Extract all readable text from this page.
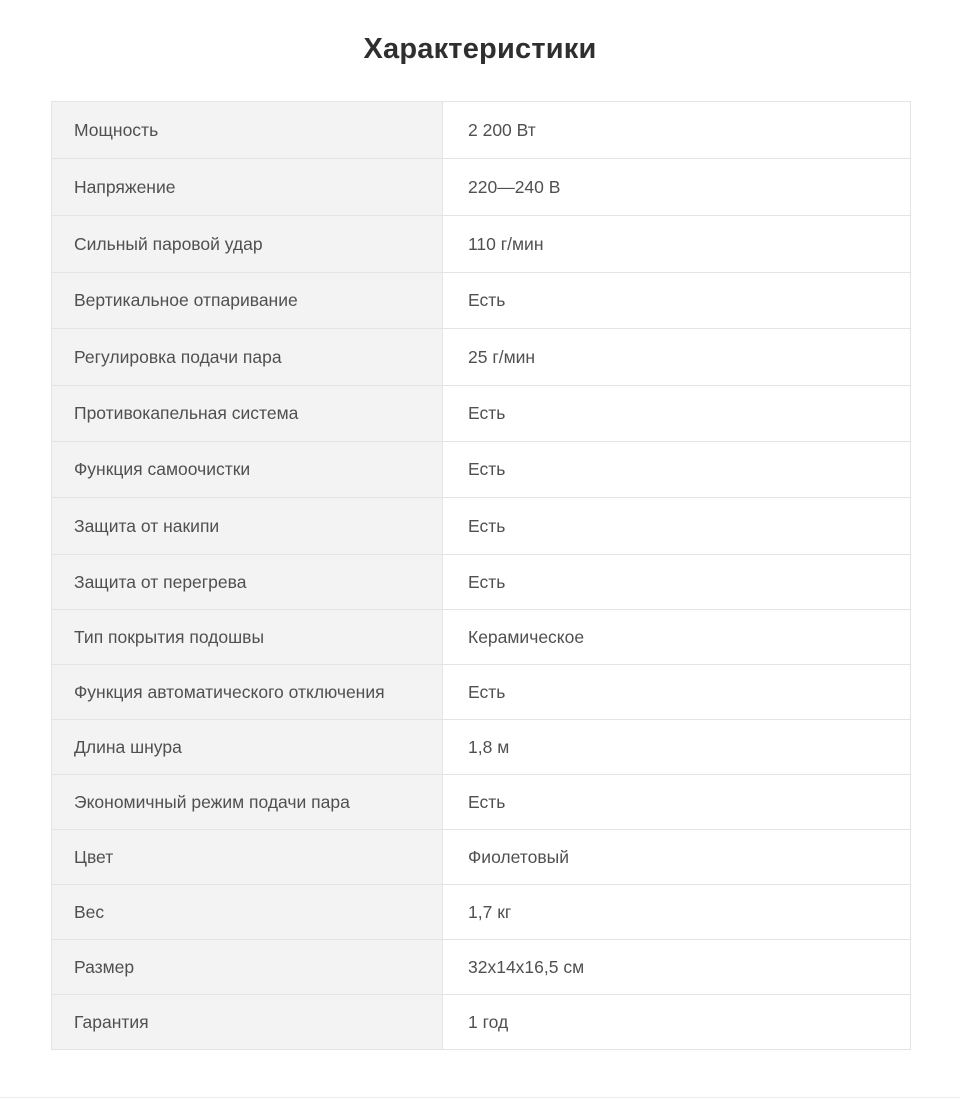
Характеристики
Мощность	2 200 Вт
Напряжение	220—240 В
Сильный паровой удар	110 г/мин
Вертикальное отпаривание	Есть
Регулировка подачи пара	25 г/мин
Противокапельная система	Есть
Функция самоочистки	Есть
Защита от накипи	Есть
Защита от перегрева	Есть
Тип покрытия подошвы	Керамическое
Функция автоматического отключения	Есть
Длина шнура	1,8 м
Экономичный режим подачи пара	Есть
Цвет	Фиолетовый
Вес	1,7 кг
Размер	32x14x16,5 см
Гарантия	1 год
